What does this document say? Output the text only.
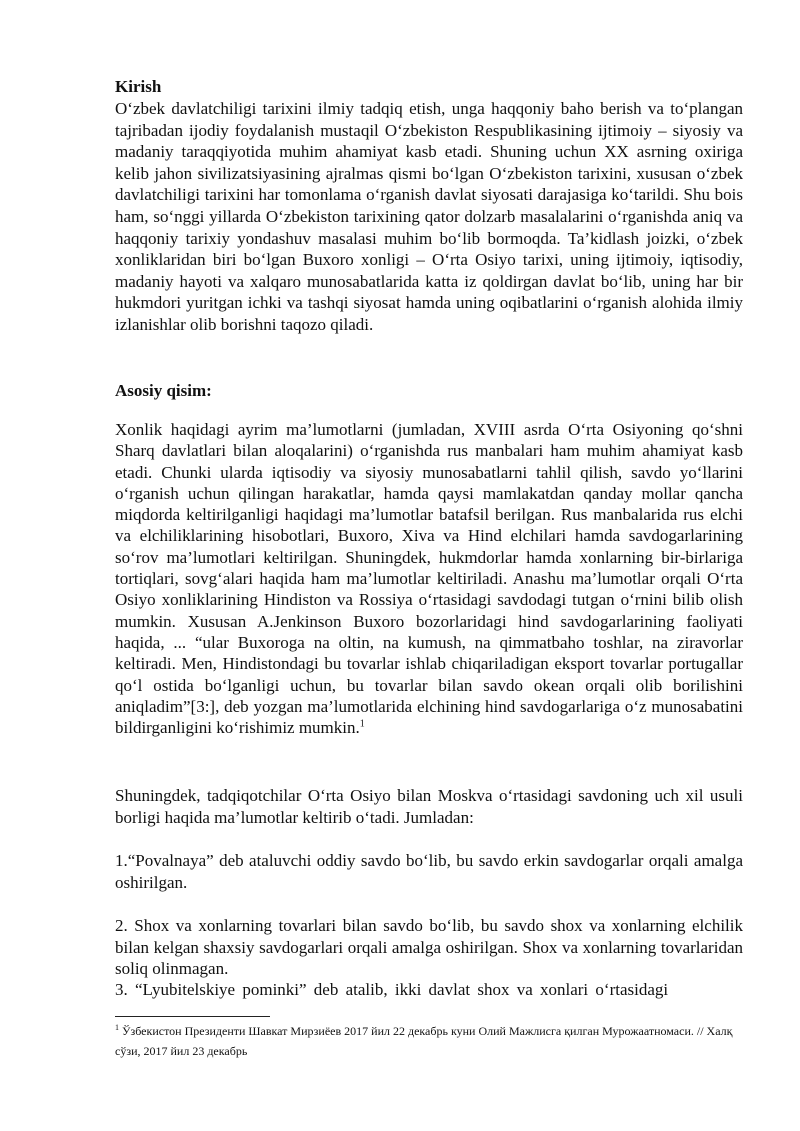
Kirish

O‘zbek davlatchiligi tarixini ilmiy tadqiq etish, unga haqqoniy baho berish va to‘plangan tajribadan ijodiy foydalanish mustaqil O‘zbekiston Respublikasining ijtimoiy – siyosiy va madaniy taraqqiyotida muhim ahamiyat kasb etadi. Shuning uchun XX asrning oxiriga kelib jahon sivilizatsiyasining ajralmas qismi bo‘lgan O‘zbekiston tarixini, xususan o‘zbek davlatchiligi tarixini har tomonlama o‘rganish davlat siyosati darajasiga ko‘tarildi. Shu bois ham, so‘nggi yillarda O‘zbekiston tarixining qator dolzarb masalalarini o‘rganishda aniq va haqqoniy tarixiy yondashuv masalasi muhim bo‘lib bormoqda. Ta’kidlash joizki, o‘zbek xonliklaridan biri bo‘lgan Buxoro xonligi – O‘rta Osiyo tarixi, uning ijtimoiy, iqtisodiy, madaniy hayoti va xalqaro munosabatlarida katta iz qoldirgan davlat bo‘lib, uning har bir hukmdori yuritgan ichki va tashqi siyosat hamda uning oqibatlarini o‘rganish alohida ilmiy izlanishlar olib borishni taqozo qiladi.

Asosiy qisim:

Xonlik haqidagi ayrim ma’lumotlarni (jumladan, XVIII asrda O‘rta Osiyoning qo‘shni Sharq davlatlari bilan aloqalarini) o‘rganishda rus manbalari ham muhim ahamiyat kasb etadi. Chunki ularda iqtisodiy va siyosiy munosabatlarni tahlil qilish, savdo yo‘llarini o‘rganish uchun qilingan harakatlar, hamda qaysi mamlakatdan qanday mollar qancha miqdorda keltirilganligi haqidagi ma’lumotlar batafsil berilgan. Rus manbalarida rus elchi va elchiliklarining hisobotlari, Buxoro, Xiva va Hind elchilari hamda savdogarlarining so‘rov ma’lumotlari keltirilgan. Shuningdek, hukmdorlar hamda xonlarning bir-birlariga tortiqlari, sovg‘alari haqida ham ma’lumotlar keltiriladi. Anashu ma’lumotlar orqali O‘rta Osiyo xonliklarining Hindiston va Rossiya o‘rtasidagi savdodagi tutgan o‘rnini bilib olish mumkin. Xususan A.Jenkinson Buxoro bozorlaridagi hind savdogarlarining faoliyati haqida, ... “ular Buxoroga na oltin, na kumush, na qimmatbaho toshlar, na ziravorlar keltiradi. Men, Hindistondagi bu tovarlar ishlab chiqariladigan eksport tovarlar portugallar qo‘l ostida bo‘lganligi uchun, bu tovarlar bilan savdo okean orqali olib borilishini aniqladim”[3:], deb yozgan ma’lumotlarida elchining hind savdogarlariga o‘z munosabatini bildirganligini ko‘rishimiz mumkin.$^1$

Shuningdek, tadqiqotchilar O‘rta Osiyo bilan Moskva o‘rtasidagi savdoning uch xil usuli borligi haqida ma’lumotlar keltirib o‘tadi. Jumladan:

1.“Povalnaya” deb ataluvchi oddiy savdo bo‘lib, bu savdo erkin savdogarlar orqali amalga oshirilgan.

2. Shox va xonlarning tovarlari bilan savdo bo‘lib, bu savdo shox va xonlarning elchilik bilan kelgan shaxsiy savdogarlari orqali amalga oshirilgan. Shox va xonlarning tovarlaridan soliq olinmagan.

3. “Lyubitelskiye pominki” deb atalib, ikki davlat shox va xonlari o‘rtasidagi

$^1$ Ўзбекистон Президенти Шавкат Мирзиёев 2017 йил 22 декабрь куни Олий Мажлисга қилган Мурожаатномаси. // Халқ сўзи, 2017 йил 23 декабрь
